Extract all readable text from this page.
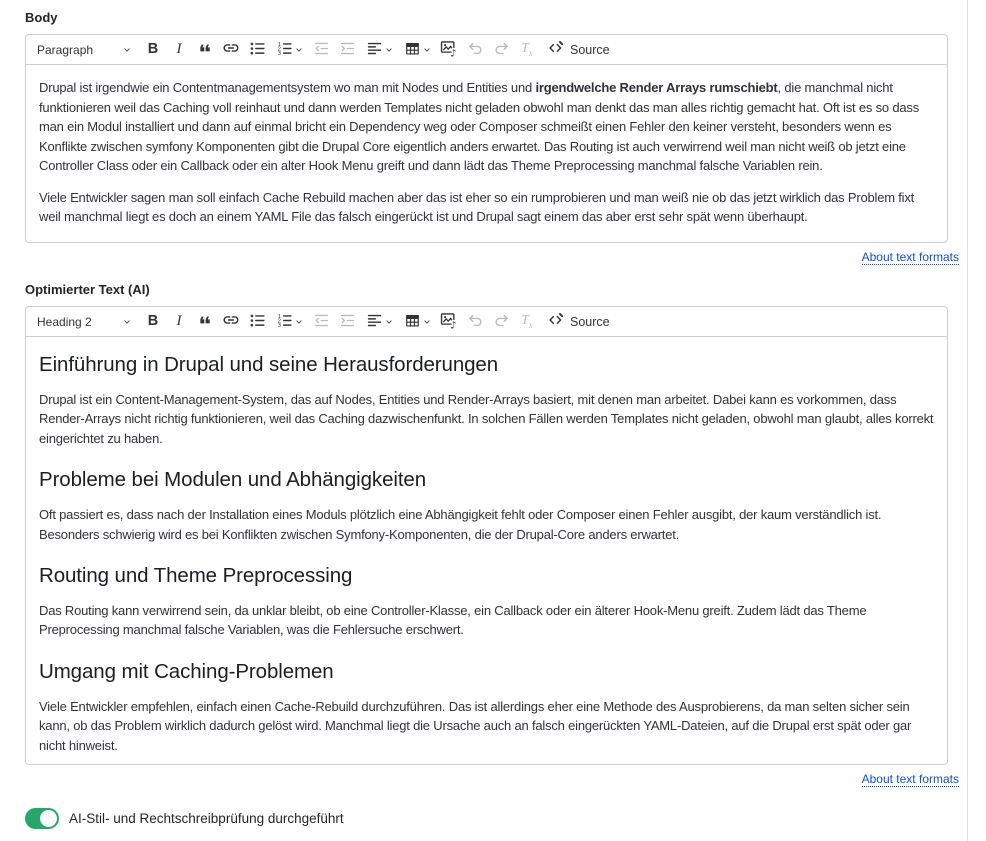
Body
Paragraph	B I	1
2
3	♪	$T_x$	Source

Drupal ist irgendwie ein Contentmanagementsystem wo man mit Nodes und Entities und irgendwelche Render Arrays rumschiebt, die manchmal nicht funktionieren weil das Caching voll reinhaut und dann werden Templates nicht geladen obwohl man denkt das man alles richtig gemacht hat. Oft ist es so dass man ein Modul installiert und dann auf einmal bricht ein Dependency weg oder Composer schmeißt einen Fehler den keiner versteht, besonders wenn es Konflikte zwischen symfony Komponenten gibt die Drupal Core eigentlich anders erwartet. Das Routing ist auch verwirrend weil man nicht weiß ob jetzt eine Controller Class oder ein Callback oder ein alter Hook Menu greift und dann lädt das Theme Preprocessing manchmal falsche Variablen rein.

Viele Entwickler sagen man soll einfach Cache Rebuild machen aber das ist eher so ein rumprobieren und man weiß nie ob das jetzt wirklich das Problem fixt weil manchmal liegt es doch an einem YAML File das falsch eingerückt ist und Drupal sagt einem das aber erst sehr spät wenn überhaupt.

About text formats
Optimierter Text (AI)
Heading 2	B I	1
2
3	♪	$T_x$	Source
Einführung in Drupal und seine Herausforderungen

Drupal ist ein Content-Management-System, das auf Nodes, Entities und Render-Arrays basiert, mit denen man arbeitet. Dabei kann es vorkommen, dass Render-Arrays nicht richtig funktionieren, weil das Caching dazwischenfunkt. In solchen Fällen werden Templates nicht geladen, obwohl man glaubt, alles korrekt eingerichtet zu haben.

Probleme bei Modulen und Abhängigkeiten

Oft passiert es, dass nach der Installation eines Moduls plötzlich eine Abhängigkeit fehlt oder Composer einen Fehler ausgibt, der kaum verständlich ist. Besonders schwierig wird es bei Konflikten zwischen Symfony-Komponenten, die der Drupal-Core anders erwartet.

Routing und Theme Preprocessing

Das Routing kann verwirrend sein, da unklar bleibt, ob eine Controller-Klasse, ein Callback oder ein älterer Hook-Menu greift. Zudem lädt das Theme Preprocessing manchmal falsche Variablen, was die Fehlersuche erschwert.

Umgang mit Caching-Problemen

Viele Entwickler empfehlen, einfach einen Cache-Rebuild durchzuführen. Das ist allerdings eher eine Methode des Ausprobierens, da man selten sicher sein kann, ob das Problem wirklich dadurch gelöst wird. Manchmal liegt die Ursache auch an falsch eingerückten YAML-Dateien, auf die Drupal erst spät oder gar nicht hinweist.

About text formats
AI-Stil- und Rechtschreibprüfung durchgeführt
